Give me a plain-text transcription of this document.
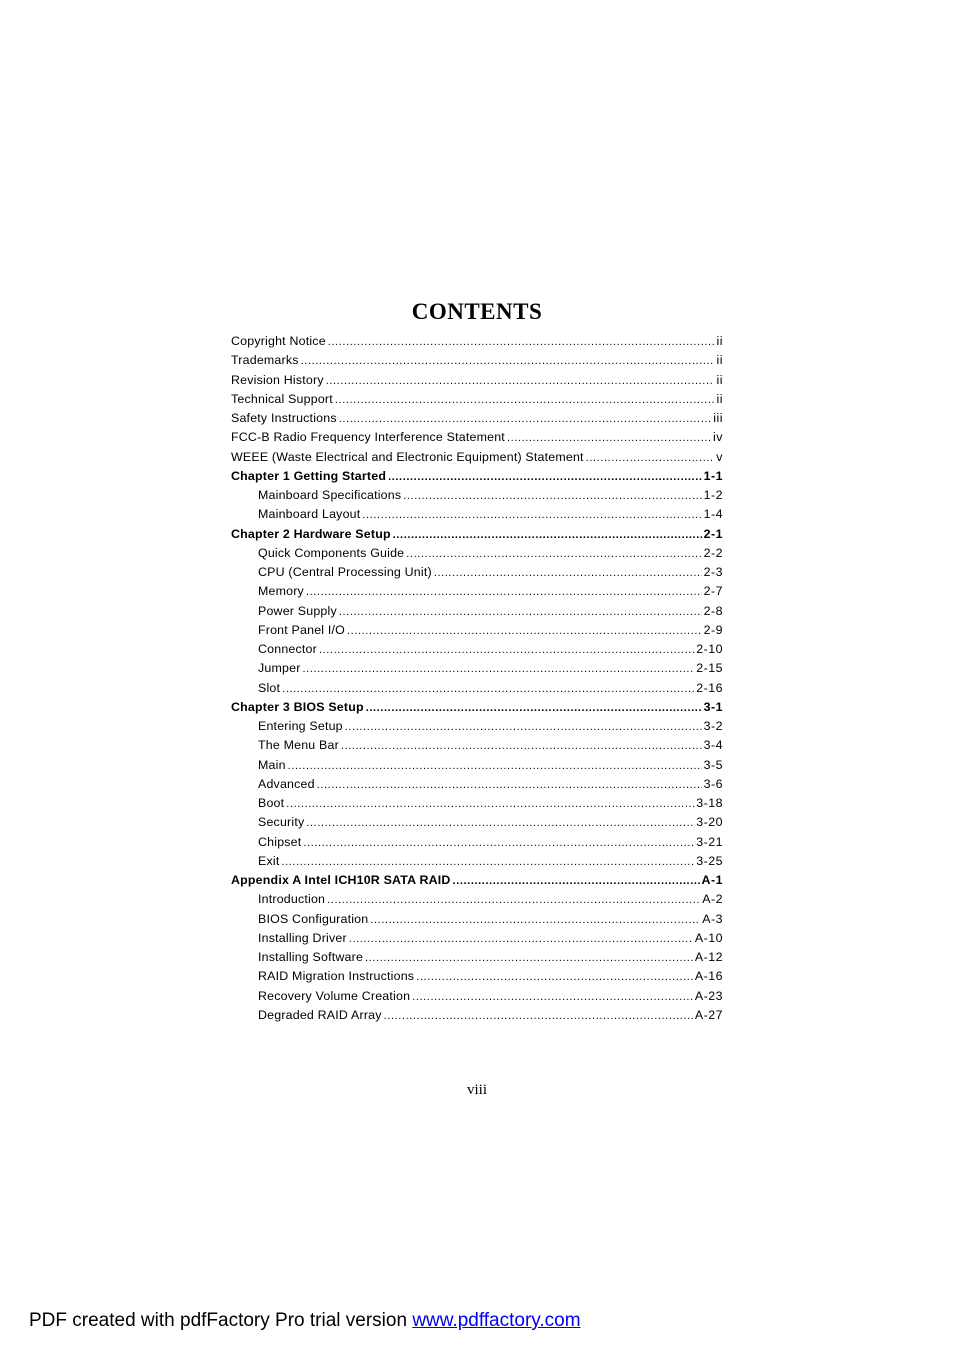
CONTENTS
Copyright Notice .....	ii
Trademarks .....	ii
Revision History .....	ii
Technical Support .....	ii
Safety Instructions .....	iii
FCC-B Radio Frequency Interference Statement .....	iv
WEEE (Waste Electrical and Electronic Equipment) Statement .....	v
Chapter 1 Getting Started .....	1-1
Mainboard Specifications .....	1-2
Mainboard Layout .....	1-4
Chapter 2 Hardware Setup .....	2-1
Quick Components Guide .....	2-2
CPU (Central Processing Unit) .....	2-3
Memory .....	2-7
Power Supply .....	2-8
Front Panel I/O .....	2-9
Connector .....	2-10
Jumper .....	2-15
Slot .....	2-16
Chapter 3 BIOS Setup .....	3-1
Entering Setup .....	3-2
The Menu Bar .....	3-4
Main .....	3-5
Advanced .....	3-6
Boot .....	3-18
Security .....	3-20
Chipset .....	3-21
Exit .....	3-25
Appendix A Intel ICH10R SATA RAID .....	A-1
Introduction .....	A-2
BIOS Configuration .....	A-3
Installing Driver .....	A-10
Installing Software .....	A-12
RAID Migration Instructions .....	A-16
Recovery Volume Creation .....	A-23
Degraded RAID Array .....	A-27
viii
PDF created with pdfFactory Pro trial version www.pdffactory.com
